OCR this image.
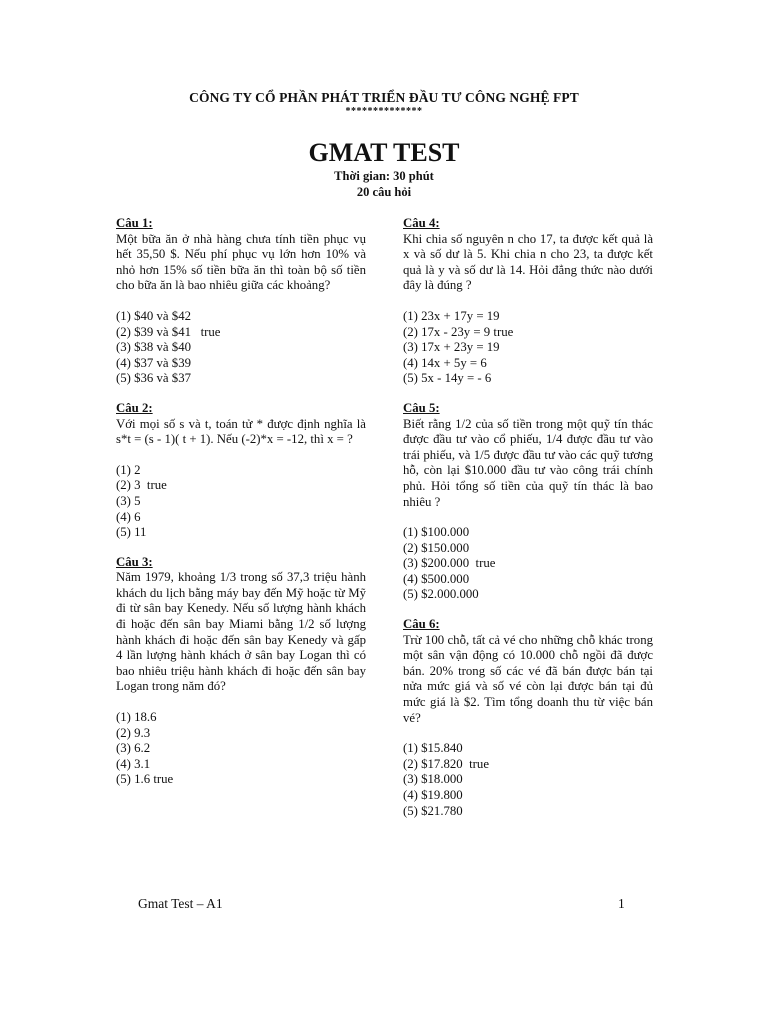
CÔNG TY CỔ PHẦN PHÁT TRIỂN ĐẦU TƯ CÔNG NGHỆ FPT
**************
GMAT TEST
Thời gian: 30 phút
20 câu hỏi
Câu 1:
Một bữa ăn ở nhà hàng chưa tính tiền phục vụ hết 35,50 $. Nếu phí phục vụ lớn hơn 10% và nhỏ hơn 15% số tiền bữa ăn thì toàn bộ số tiền cho bữa ăn là bao nhiêu giữa các khoảng?
(1) $40 và $42
(2) $39 và $41   true
(3) $38 và $40
(4) $37 và $39
(5) $36 và $37
Câu 2:
Với mọi số s và t, toán tử * được định nghĩa là s*t = (s - 1)( t + 1). Nếu (-2)*x = -12, thì x = ?
(1) 2
(2) 3  true
(3) 5
(4) 6
(5) 11
Câu 3:
Năm 1979, khoảng 1/3 trong số 37,3 triệu hành khách du lịch bằng máy bay đến Mỹ hoặc từ Mỹ đi từ sân bay Kenedy. Nếu số lượng hành khách đi hoặc đến sân bay Miami bằng 1/2 số lượng hành khách đi hoặc đến sân bay Kenedy và gấp 4 lần lượng hành khách ở sân bay Logan thì có bao nhiêu triệu hành khách đi hoặc đến sân bay Logan trong năm đó?
(1) 18.6
(2) 9.3
(3) 6.2
(4) 3.1
(5) 1.6 true
Câu 4:
Khi chia số nguyên n cho 17, ta được kết quả là x và số dư là 5. Khi chia n cho 23, ta được kết quả là y và số dư là 14. Hỏi đẳng thức nào dưới đây là đúng ?
(1) 23x + 17y = 19
(2) 17x - 23y = 9 true
(3) 17x + 23y = 19
(4) 14x + 5y = 6
(5) 5x - 14y = - 6
Câu 5:
Biết rằng 1/2 của số tiền trong một quỹ tín thác được đầu tư vào cổ phiếu, 1/4 được đầu tư vào trái phiếu, và 1/5 được đầu tư vào các quỹ tương hỗ, còn lại $10.000 đầu tư vào công trái chính phủ. Hỏi tổng số tiền của quỹ tín thác là bao nhiêu ?
(1) $100.000
(2) $150.000
(3) $200.000  true
(4) $500.000
(5) $2.000.000
Câu 6:
Trừ 100 chỗ, tất cả vé cho những chỗ khác trong một sân vận động có 10.000 chỗ ngồi đã được bán. 20% trong số các vé đã bán được bán tại nửa mức giá và số vé còn lại được bán tại đủ mức giá là $2. Tìm tổng doanh thu từ việc bán vé?
(1) $15.840
(2) $17.820  true
(3) $18.000
(4) $19.800
(5) $21.780
Gmat Test – A1	1
